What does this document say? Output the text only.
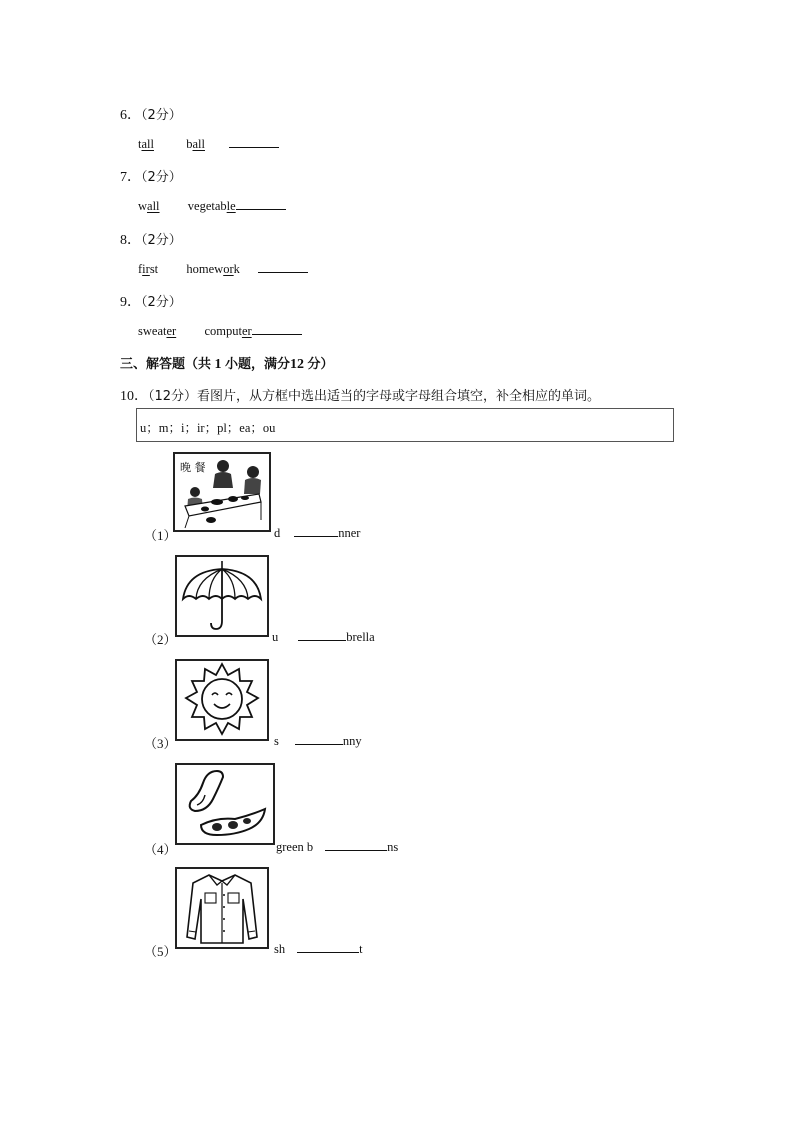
6．（2分）
tall	ball
7．（2分）
wall vegetable
8．（2分）
first homework
9．（2分）
sweater computer
三、解答题（共 1 小题，满分12 分）
10．（12分）看图片，从方框中选出适当的字母或字母组合填空，补全相应的单词。
u；m；i；ir；pl；ea；ou
晚 餐
（1）	d	nner
（2）	u	brella
（3）	s	nny
（4）	green b	ns
（5）	sh	t
